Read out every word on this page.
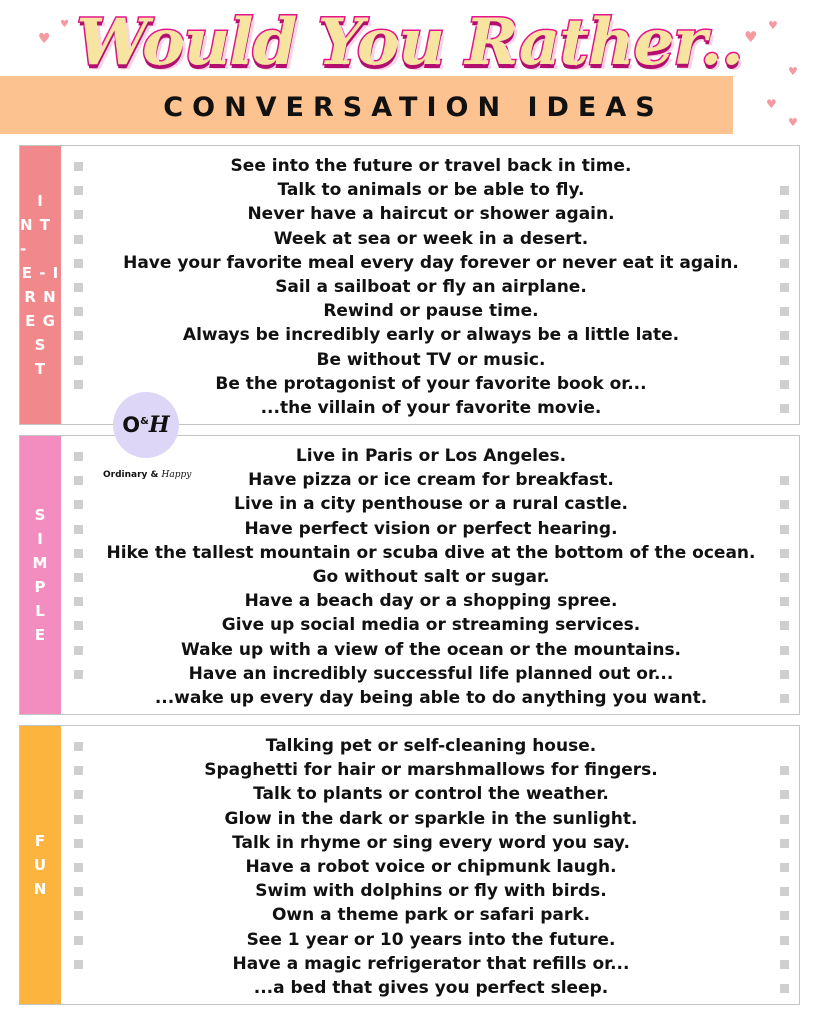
Would You Rather..
CONVERSATION IDEAS
♥
♥
♥
♥
♥
♥
♥
I
N T -
E - I
R N
E G
S
T
See into the future or travel back in time.
Talk to animals or be able to fly.
Never have a haircut or shower again.
Week at sea or week in a desert.
Have your favorite meal every day forever or never eat it again.
Sail a sailboat or fly an airplane.
Rewind or pause time.
Always be incredibly early or always be a little late.
Be without TV or music.
Be the protagonist of your favorite book or...
...the villain of your favorite movie.
S
I
M
P
L
E
Live in Paris or Los Angeles.
Have pizza or ice cream for breakfast.
Live in a city penthouse or a rural castle.
Have perfect vision or perfect hearing.
Hike the tallest mountain or scuba dive at the bottom of the ocean.
Go without salt or sugar.
Have a beach day or a shopping spree.
Give up social media or streaming services.
Wake up with a view of the ocean or the mountains.
Have an incredibly successful life planned out or...
...wake up every day being able to do anything you want.
F
U
N
Talking pet or self-cleaning house.
Spaghetti for hair or marshmallows for fingers.
Talk to plants or control the weather.
Glow in the dark or sparkle in the sunlight.
Talk in rhyme or sing every word you say.
Have a robot voice or chipmunk laugh.
Swim with dolphins or fly with birds.
Own a theme park or safari park.
See 1 year or 10 years into the future.
Have a magic refrigerator that refills or...
...a bed that gives you perfect sleep.
O&H
Ordinary & Happy
